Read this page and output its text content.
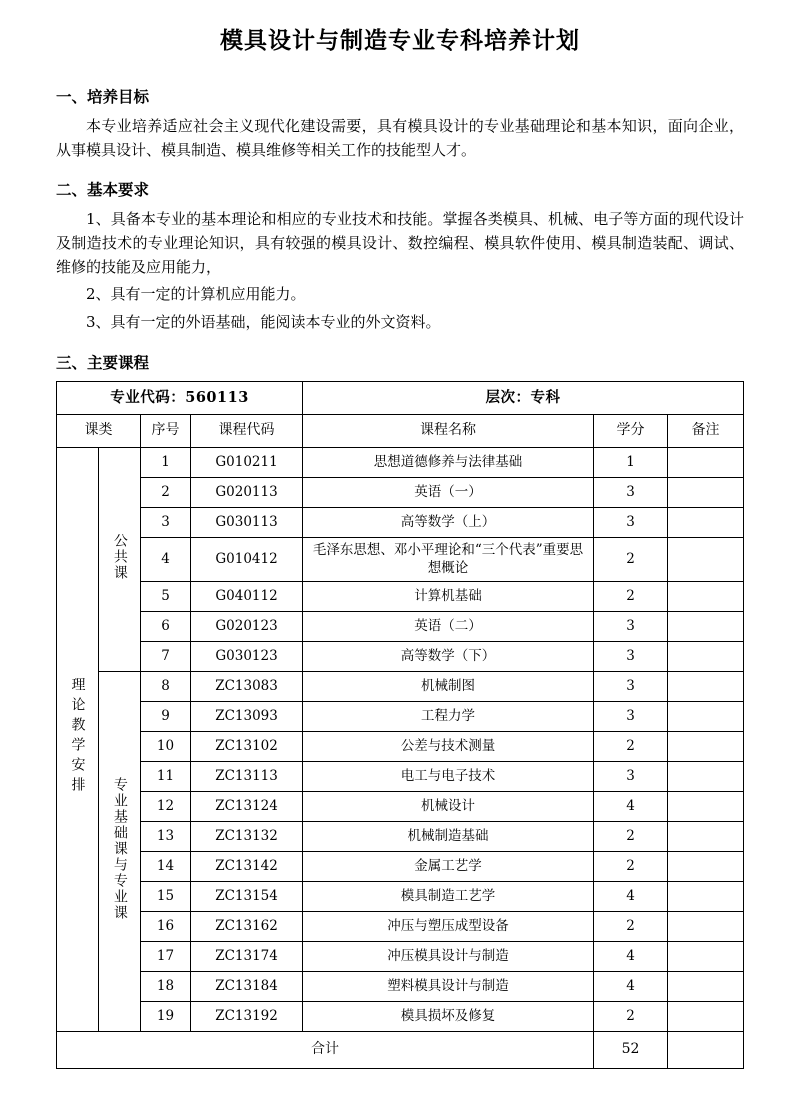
模具设计与制造专业专科培养计划
一、培养目标

本专业培养适应社会主义现代化建设需要，具有模具设计的专业基础理论和基本知识，面向企业，从事模具设计、模具制造、模具维修等相关工作的技能型人才。

二、基本要求

1、具备本专业的基本理论和相应的专业技术和技能。掌握各类模具、机械、电子等方面的现代设计及制造技术的专业理论知识，具有较强的模具设计、数控编程、模具软件使用、模具制造装配、调试、维修的技能及应用能力，

2、具有一定的计算机应用能力。

3、具有一定的外语基础，能阅读本专业的外文资料。

三、主要课程
专业代码：560113				层次：专科		
课类		序号	课程代码	课程名称	学分	备注
理论教学安排	公共课	1	G010211	思想道德修养与法律基础	1	
		2	G020113	英语（一）	3	
		3	G030113	高等数学（上）	3	
		4	G010412	毛泽东思想、邓小平理论和“三个代表”重要思想概论	2	
		5	G040112	计算机基础	2	
		6	G020123	英语（二）	3	
		7	G030123	高等数学（下）	3	
	专业基础课与专业课	8	ZC13083	机械制图	3	
		9	ZC13093	工程力学	3	
		10	ZC13102	公差与技术测量	2	
		11	ZC13113	电工与电子技术	3	
		12	ZC13124	机械设计	4	
		13	ZC13132	机械制造基础	2	
		14	ZC13142	金属工艺学	2	
		15	ZC13154	模具制造工艺学	4	
		16	ZC13162	冲压与塑压成型设备	2	
		17	ZC13174	冲压模具设计与制造	4	
		18	ZC13184	塑料模具设计与制造	4	
		19	ZC13192	模具损坏及修复	2	
合计					52	
